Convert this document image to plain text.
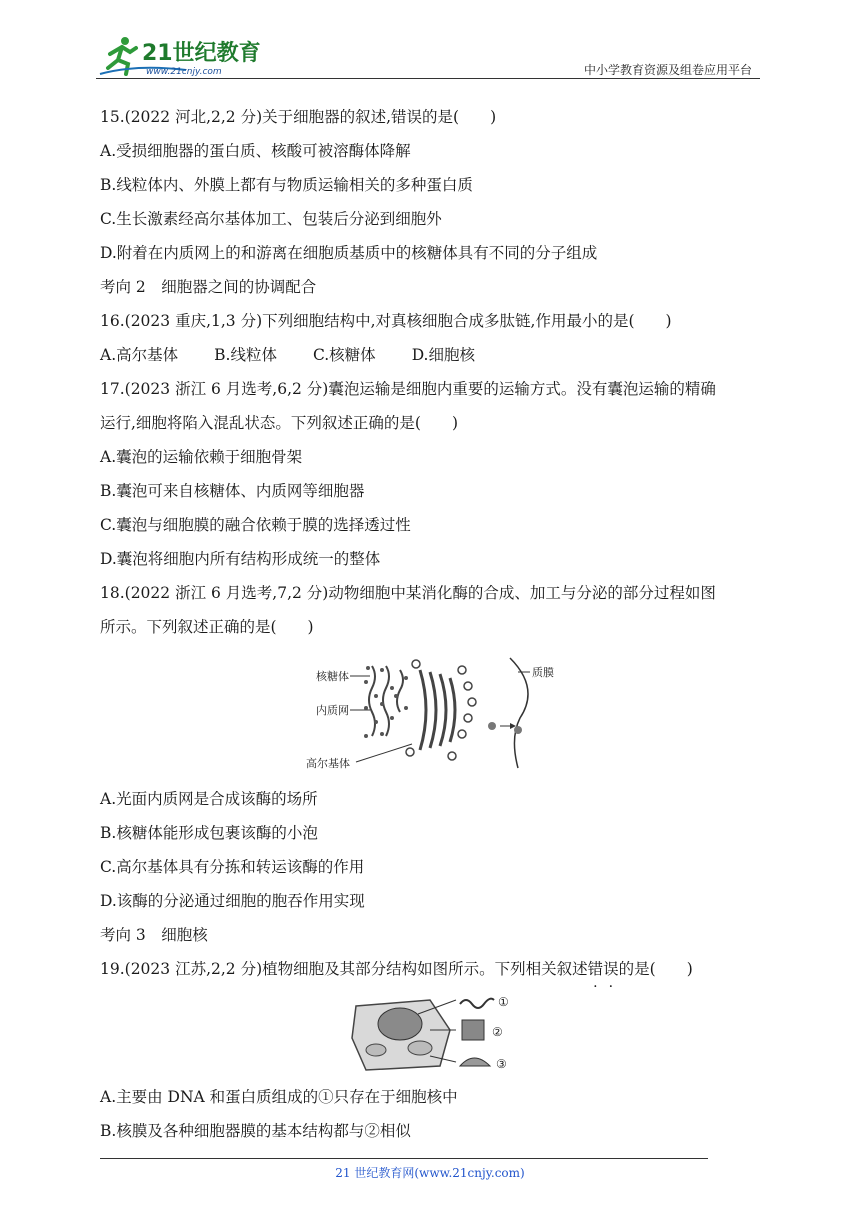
21世纪教育
www.21cnjy.com	中小学教育资源及组卷应用平台
15.(2022 河北,2,2 分)关于细胞器的叙述,错误的是(　　)
A.受损细胞器的蛋白质、核酸可被溶酶体降解
B.线粒体内、外膜上都有与物质运输相关的多种蛋白质
C.生长激素经高尔基体加工、包装后分泌到细胞外
D.附着在内质网上的和游离在细胞质基质中的核糖体具有不同的分子组成
考向 2　细胞器之间的协调配合
16.(2023 重庆,1,3 分)下列细胞结构中,对真核细胞合成多肽链,作用最小的是(　　)
A.高尔基体 B.线粒体 C.核糖体 D.细胞核
17.(2023 浙江 6 月选考,6,2 分)囊泡运输是细胞内重要的运输方式。没有囊泡运输的精确
运行,细胞将陷入混乱状态。下列叙述正确的是(　　)
A.囊泡的运输依赖于细胞骨架
B.囊泡可来自核糖体、内质网等细胞器
C.囊泡与细胞膜的融合依赖于膜的选择透过性
D.囊泡将细胞内所有结构形成统一的整体
18.(2022 浙江 6 月选考,7,2 分)动物细胞中某消化酶的合成、加工与分泌的部分过程如图
所示。下列叙述正确的是(　　)
核糖体
内质网
高尔基体
质膜
A.光面内质网是合成该酶的场所
B.核糖体能形成包裹该酶的小泡
C.高尔基体具有分拣和转运该酶的作用
D.该酶的分泌通过细胞的胞吞作用实现
考向 3　细胞核
19.(2023 江苏,2,2 分)植物细胞及其部分结构如图所示。下列相关叙述错误的是(　　)
①
②
③
A.主要由 DNA 和蛋白质组成的①只存在于细胞核中
B.核膜及各种细胞器膜的基本结构都与②相似
21 世纪教育网(www.21cnjy.com)
